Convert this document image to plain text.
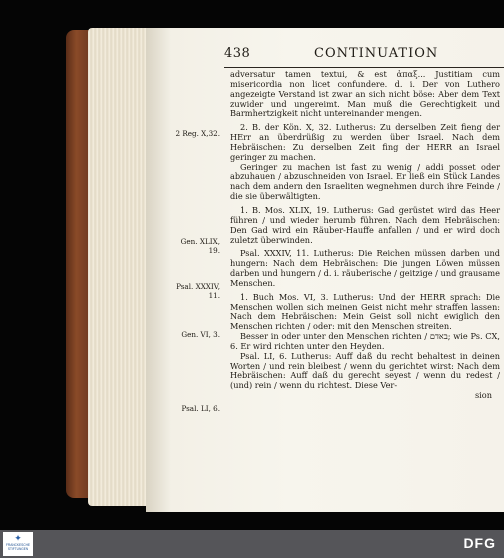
438	CONTINUATION
2 Reg. X,32.
Gen. XLIX, 19.
Psal. XXXIV, 11.
Gen. VI, 3.
Psal. LI, 6.

adversatur tamen textui, & est ἀπαξ... Justitiam cum misericordia non licet confundere. d. i. Der von Luthero angezeigte Verstand ist zwar an sich nicht böse: Aber dem Text zuwider und ungereimt. Man muß die Gerechtigkeit und Barmhertzigkeit nicht untereinander mengen.

2. B. der Kön. X, 32. Lutherus: Zu derselben Zeit fieng der HErr an überdrüßig zu werden über Israel. Nach dem Hebräischen: Zu derselben Zeit fing der HERR an Israel geringer zu machen.

Geringer zu machen ist fast zu wenig / addi posset oder abzuhauen / abzuschneiden von Israel. Er ließ ein Stück Landes nach dem andern den Israeliten wegnehmen durch ihre Feinde / die sie überwältigten.

1. B. Mos. XLIX, 19. Lutherus: Gad gerüstet wird das Heer führen / und wieder herumb führen. Nach dem Hebräischen: Den Gad wird ein Räuber-Hauffe anfallen / und er wird doch zuletzt überwinden.

Psal. XXXIV, 11. Lutherus: Die Reichen müssen darben und hungern: Nach dem Hebräischen: Die jungen Löwen müssen darben und hungern / d. i. räuberische / geitzige / und grausame Menschen.

1. Buch Mos. VI, 3. Lutherus: Und der HERR sprach: Die Menschen wollen sich meinen Geist nicht mehr straffen lassen: Nach dem Hebräischen: Mein Geist soll nicht ewiglich den Menschen richten / oder: mit den Menschen streiten.

Besser in oder unter den Menschen richten / באדם; wie Ps. CX, 6. Er wird richten unter den Heyden.

Psal. LI, 6. Lutherus: Auff daß du recht behaltest in deinen Worten / und rein bleibest / wenn du gerichtet wirst: Nach dem Hebräischen: Auff daß du gerecht seyest / wenn du redest / (und) rein / wenn du richtest. Diese Ver-

sion
✦
FRANCKESCHE STIFTUNGEN	DFG
